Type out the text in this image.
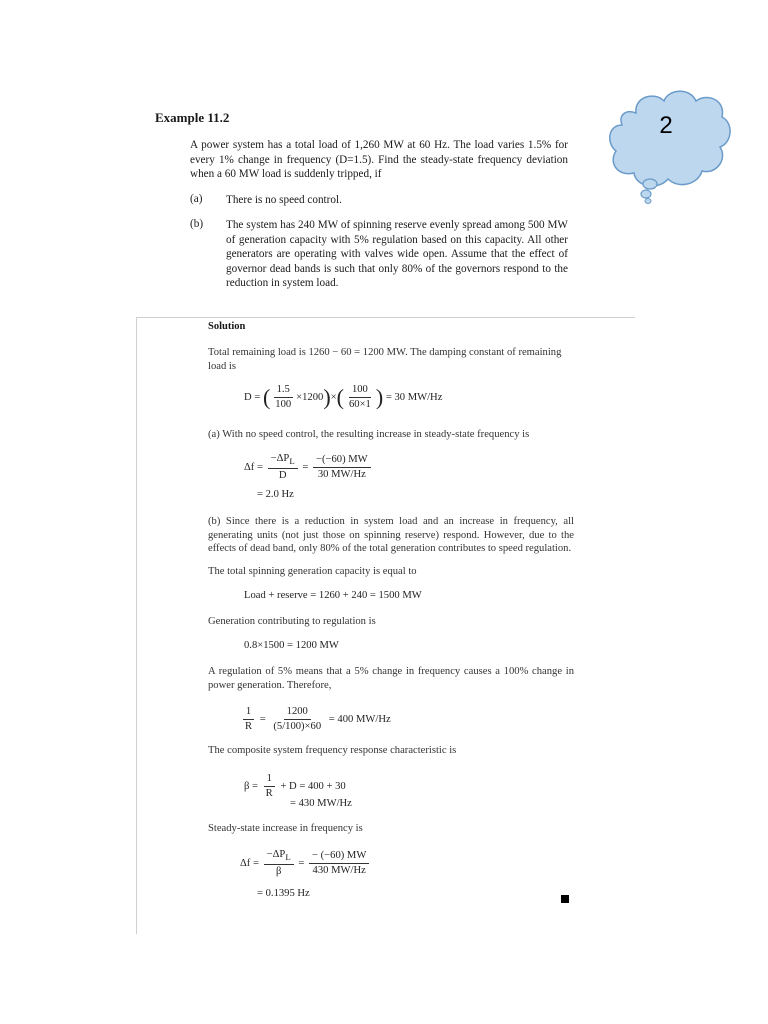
Example 11.2
A power system has a total load of 1,260 MW at 60 Hz. The load varies 1.5% for every 1% change in frequency (D=1.5). Find the steady-state frequency deviation when a 60 MW load is suddenly tripped, if
(a) There is no speed control.
(b) The system has 240 MW of spinning reserve evenly spread among 500 MW of generation capacity with 5% regulation based on this capacity. All other generators are operating with valves wide open. Assume that the effect of governor dead bands is such that only 80% of the governors respond to the reduction in system load.
2
Solution
Total remaining load is 1260 − 60 = 1200 MW. The damping constant of remaining load is
D = ( $\frac{1.5}{100} \times 1200)\times( \frac{100}{60\times 1}$ ) = 30 MW/Hz
(a) With no speed control, the resulting increase in steady-state frequency is
$\Delta f = \frac{-\Delta P_L}{D} = \frac{-(-60) MW}{30 MW/Hz}$
= 2.0 Hz
(b) Since there is a reduction in system load and an increase in frequency, all generating units (not just those on spinning reserve) respond. However, due to the effects of dead band, only 80% of the total generation contributes to speed regulation.
The total spinning generation capacity is equal to
Load + reserve = 1260 + 240 = 1500 MW
Generation contributing to regulation is
0.8×1500 = 1200 MW
A regulation of 5% means that a 5% change in frequency causes a 100% change in power generation. Therefore,
$\frac{1}{R} = \frac{1200}{(5/100)\times 60} = 400$ MW/Hz
The composite system frequency response characteristic is
$\beta = \frac{1}{R} + D = 400 + 30$
= 430 MW/Hz
Steady-state increase in frequency is
$\Delta f = \frac{-\Delta P_L}{\beta} = \frac{- (-60) MW}{430 MW/Hz}$
= 0.1395 Hz
